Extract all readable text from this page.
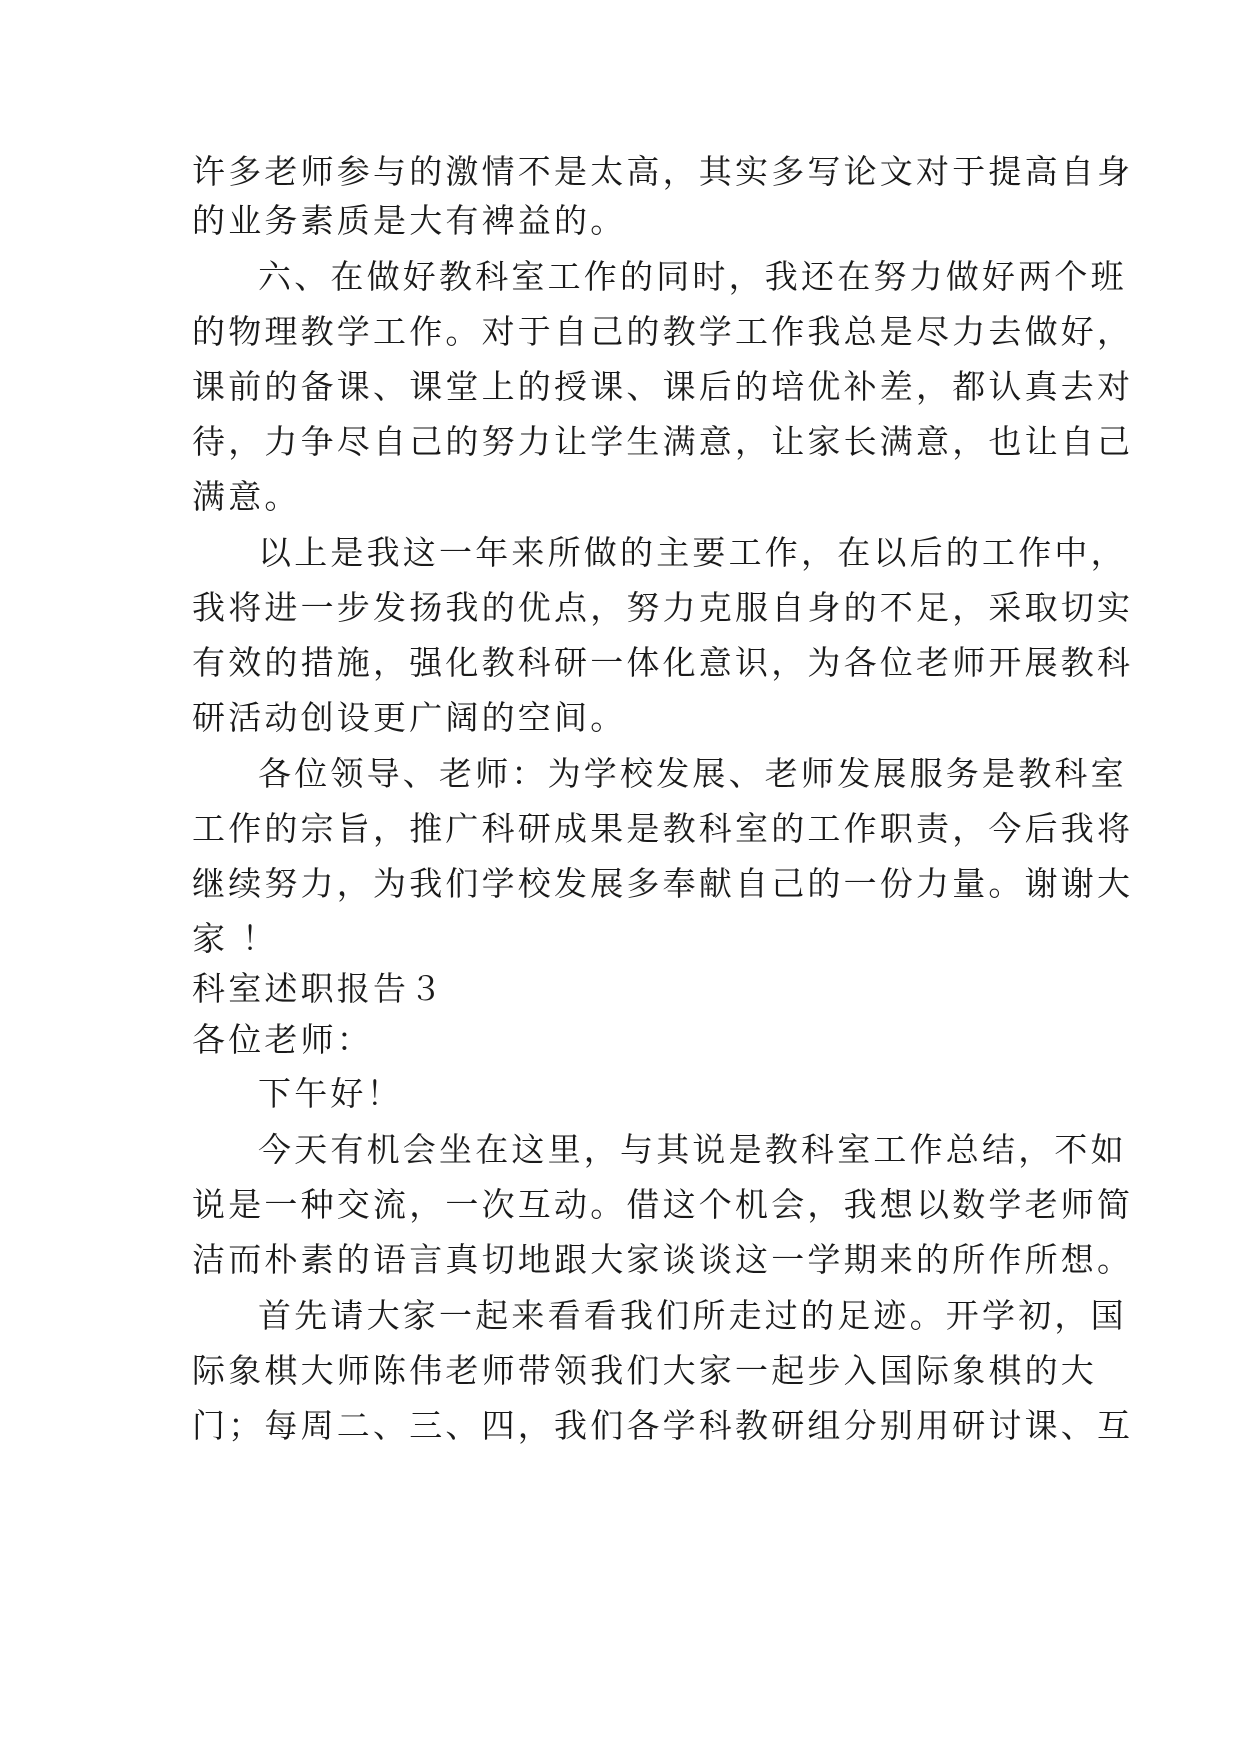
许多老师参与的激情不是太高，其实多写论文对于提高自身
的业务素质是大有裨益的。
六、在做好教科室工作的同时，我还在努力做好两个班
的物理教学工作。对于自己的教学工作我总是尽力去做好，
课前的备课、课堂上的授课、课后的培优补差，都认真去对
待，力争尽自己的努力让学生满意，让家长满意，也让自己
满意。
以上是我这一年来所做的主要工作，在以后的工作中，
我将进一步发扬我的优点，努力克服自身的不足，采取切实
有效的措施，强化教科研一体化意识，为各位老师开展教科
研活动创设更广阔的空间。
各位领导、老师：为学校发展、老师发展服务是教科室
工作的宗旨，推广科研成果是教科室的工作职责，今后我将
继续努力，为我们学校发展多奉献自己的一份力量。谢谢大
家 ！
科室述职报告３
各位老师：
下午好！
今天有机会坐在这里，与其说是教科室工作总结，不如
说是一种交流，一次互动。借这个机会，我想以数学老师简
洁而朴素的语言真切地跟大家谈谈这一学期来的所作所想。
首先请大家一起来看看我们所走过的足迹。开学初，国
际象棋大师陈伟老师带领我们大家一起步入国际象棋的大
门；每周二、三、四，我们各学科教研组分别用研讨课、互
